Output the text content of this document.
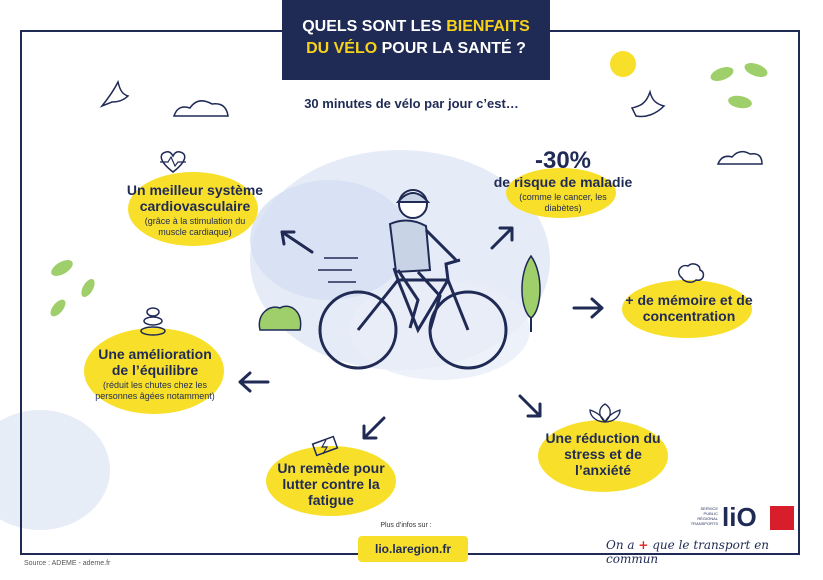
QUELS SONT LES BIENFAITS
DU VÉLO POUR LA SANTÉ ?
30 minutes de vélo par jour c’est…
Un meilleur système cardiovasculaire
(grâce à la stimulation du muscle cardiaque)
-30%
de risque de maladie
(comme le cancer, les diabètes)
+ de mémoire et de concentration
Une amélioration de l’équilibre
(réduit les chutes chez les personnes âgées notamment)
Un remède pour lutter contre la fatigue
Une réduction du stress et de l’anxiété
Source : ADEME - ademe.fr
Plus d’infos sur :
lio.laregion.fr	On a + que le transport en commun
SERVICE PUBLIC RÉGIONAL TRANSPORTS liO
